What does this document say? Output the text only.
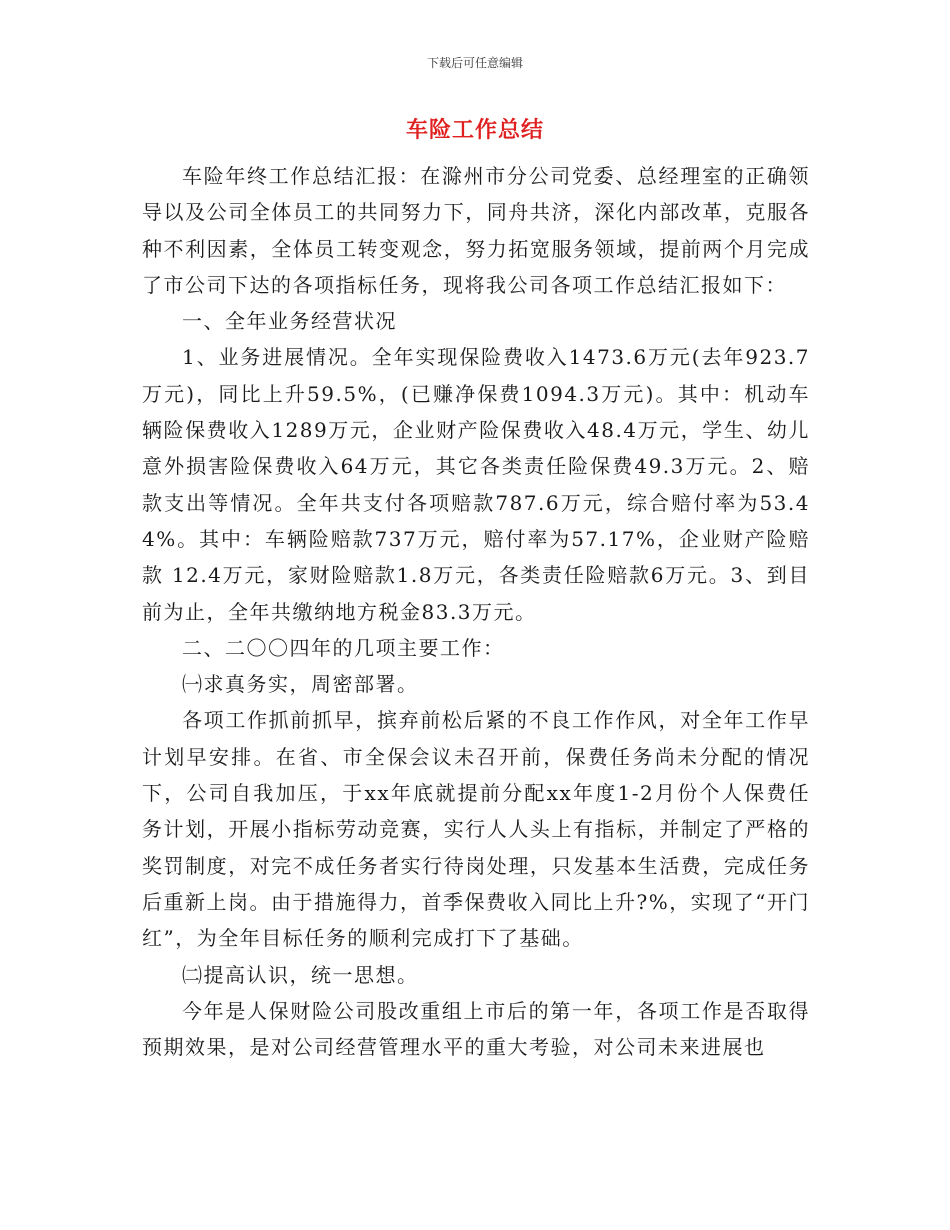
下载后可任意编辑
车险工作总结

车险年终工作总结汇报：在滁州市分公司党委、总经理室的正确领导以及公司全体员工的共同努力下，同舟共济，深化内部改革，克服各种不利因素，全体员工转变观念，努力拓宽服务领域，提前两个月完成了市公司下达的各项指标任务，现将我公司各项工作总结汇报如下：

一、全年业务经营状况

1、业务进展情况。全年实现保险费收入1473.6万元(去年923.7万元)，同比上升59.5%，(已赚净保费1094.3万元)。其中：机动车辆险保费收入1289万元，企业财产险保费收入48.4万元，学生、幼儿意外损害险保费收入64万元，其它各类责任险保费49.3万元。2、赔款支出等情况。全年共支付各项赔款787.6万元，综合赔付率为53.44%。其中：车辆险赔款737万元，赔付率为57.17%，企业财产险赔款 12.4万元，家财险赔款1.8万元，各类责任险赔款6万元。3、到目前为止，全年共缴纳地方税金83.3万元。

二、二〇〇四年的几项主要工作：

㈠求真务实，周密部署。

各项工作抓前抓早，摈弃前松后紧的不良工作作风，对全年工作早计划早安排。在省、市全保会议未召开前，保费任务尚未分配的情况下，公司自我加压，于xx年底就提前分配xx年度1-2月份个人保费任务计划，开展小指标劳动竞赛，实行人人头上有指标，并制定了严格的奖罚制度，对完不成任务者实行待岗处理，只发基本生活费，完成任务后重新上岗。由于措施得力，首季保费收入同比上升?%，实现了“开门红”，为全年目标任务的顺利完成打下了基础。

㈡提高认识，统一思想。

今年是人保财险公司股改重组上市后的第一年，各项工作是否取得预期效果，是对公司经营管理水平的重大考验，对公司未来进展也
